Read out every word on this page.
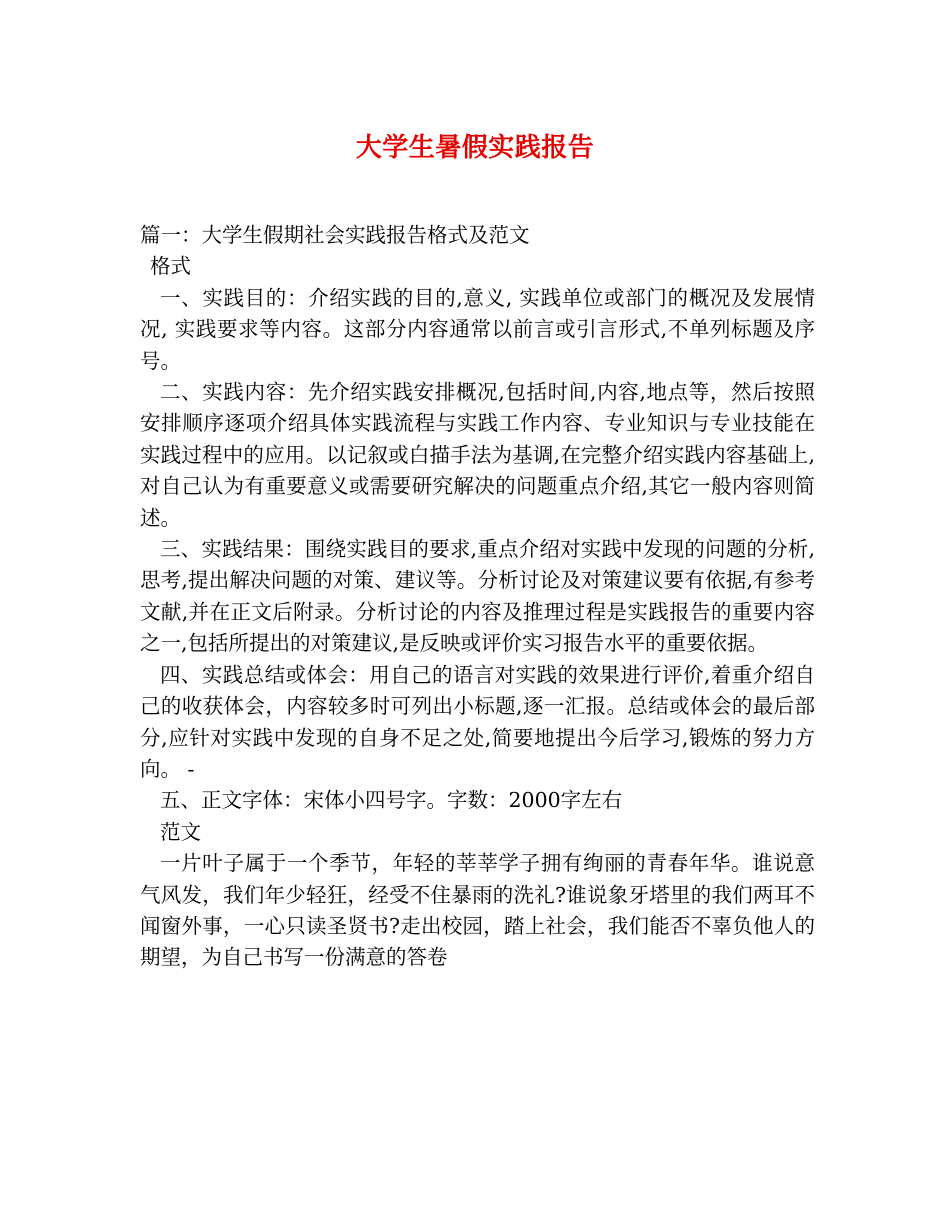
大学生暑假实践报告

篇一：大学生假期社会实践报告格式及范文

格式

一、实践目的：介绍实践的目的,意义, 实践单位或部门的概况及发展情况, 实践要求等内容。这部分内容通常以前言或引言形式,不单列标题及序号。

二、实践内容：先介绍实践安排概况,包括时间,内容,地点等，然后按照安排顺序逐项介绍具体实践流程与实践工作内容、专业知识与专业技能在实践过程中的应用。以记叙或白描手法为基调,在完整介绍实践内容基础上,对自己认为有重要意义或需要研究解决的问题重点介绍,其它一般内容则简述。

三、实践结果：围绕实践目的要求,重点介绍对实践中发现的问题的分析,思考,提出解决问题的对策、建议等。分析讨论及对策建议要有依据,有参考文献,并在正文后附录。分析讨论的内容及推理过程是实践报告的重要内容之一,包括所提出的对策建议,是反映或评价实习报告水平的重要依据。

四、实践总结或体会：用自己的语言对实践的效果进行评价,着重介绍自己的收获体会，内容较多时可列出小标题,逐一汇报。总结或体会的最后部分,应针对实践中发现的自身不足之处,简要地提出今后学习,锻炼的努力方向。 -

五、正文字体：宋体小四号字。字数：2000字左右

范文

一片叶子属于一个季节，年轻的莘莘学子拥有绚丽的青春年华。谁说意气风发，我们年少轻狂，经受不住暴雨的洗礼?谁说象牙塔里的我们两耳不闻窗外事，一心只读圣贤书?走出校园，踏上社会，我们能否不辜负他人的期望，为自己书写一份满意的答卷
